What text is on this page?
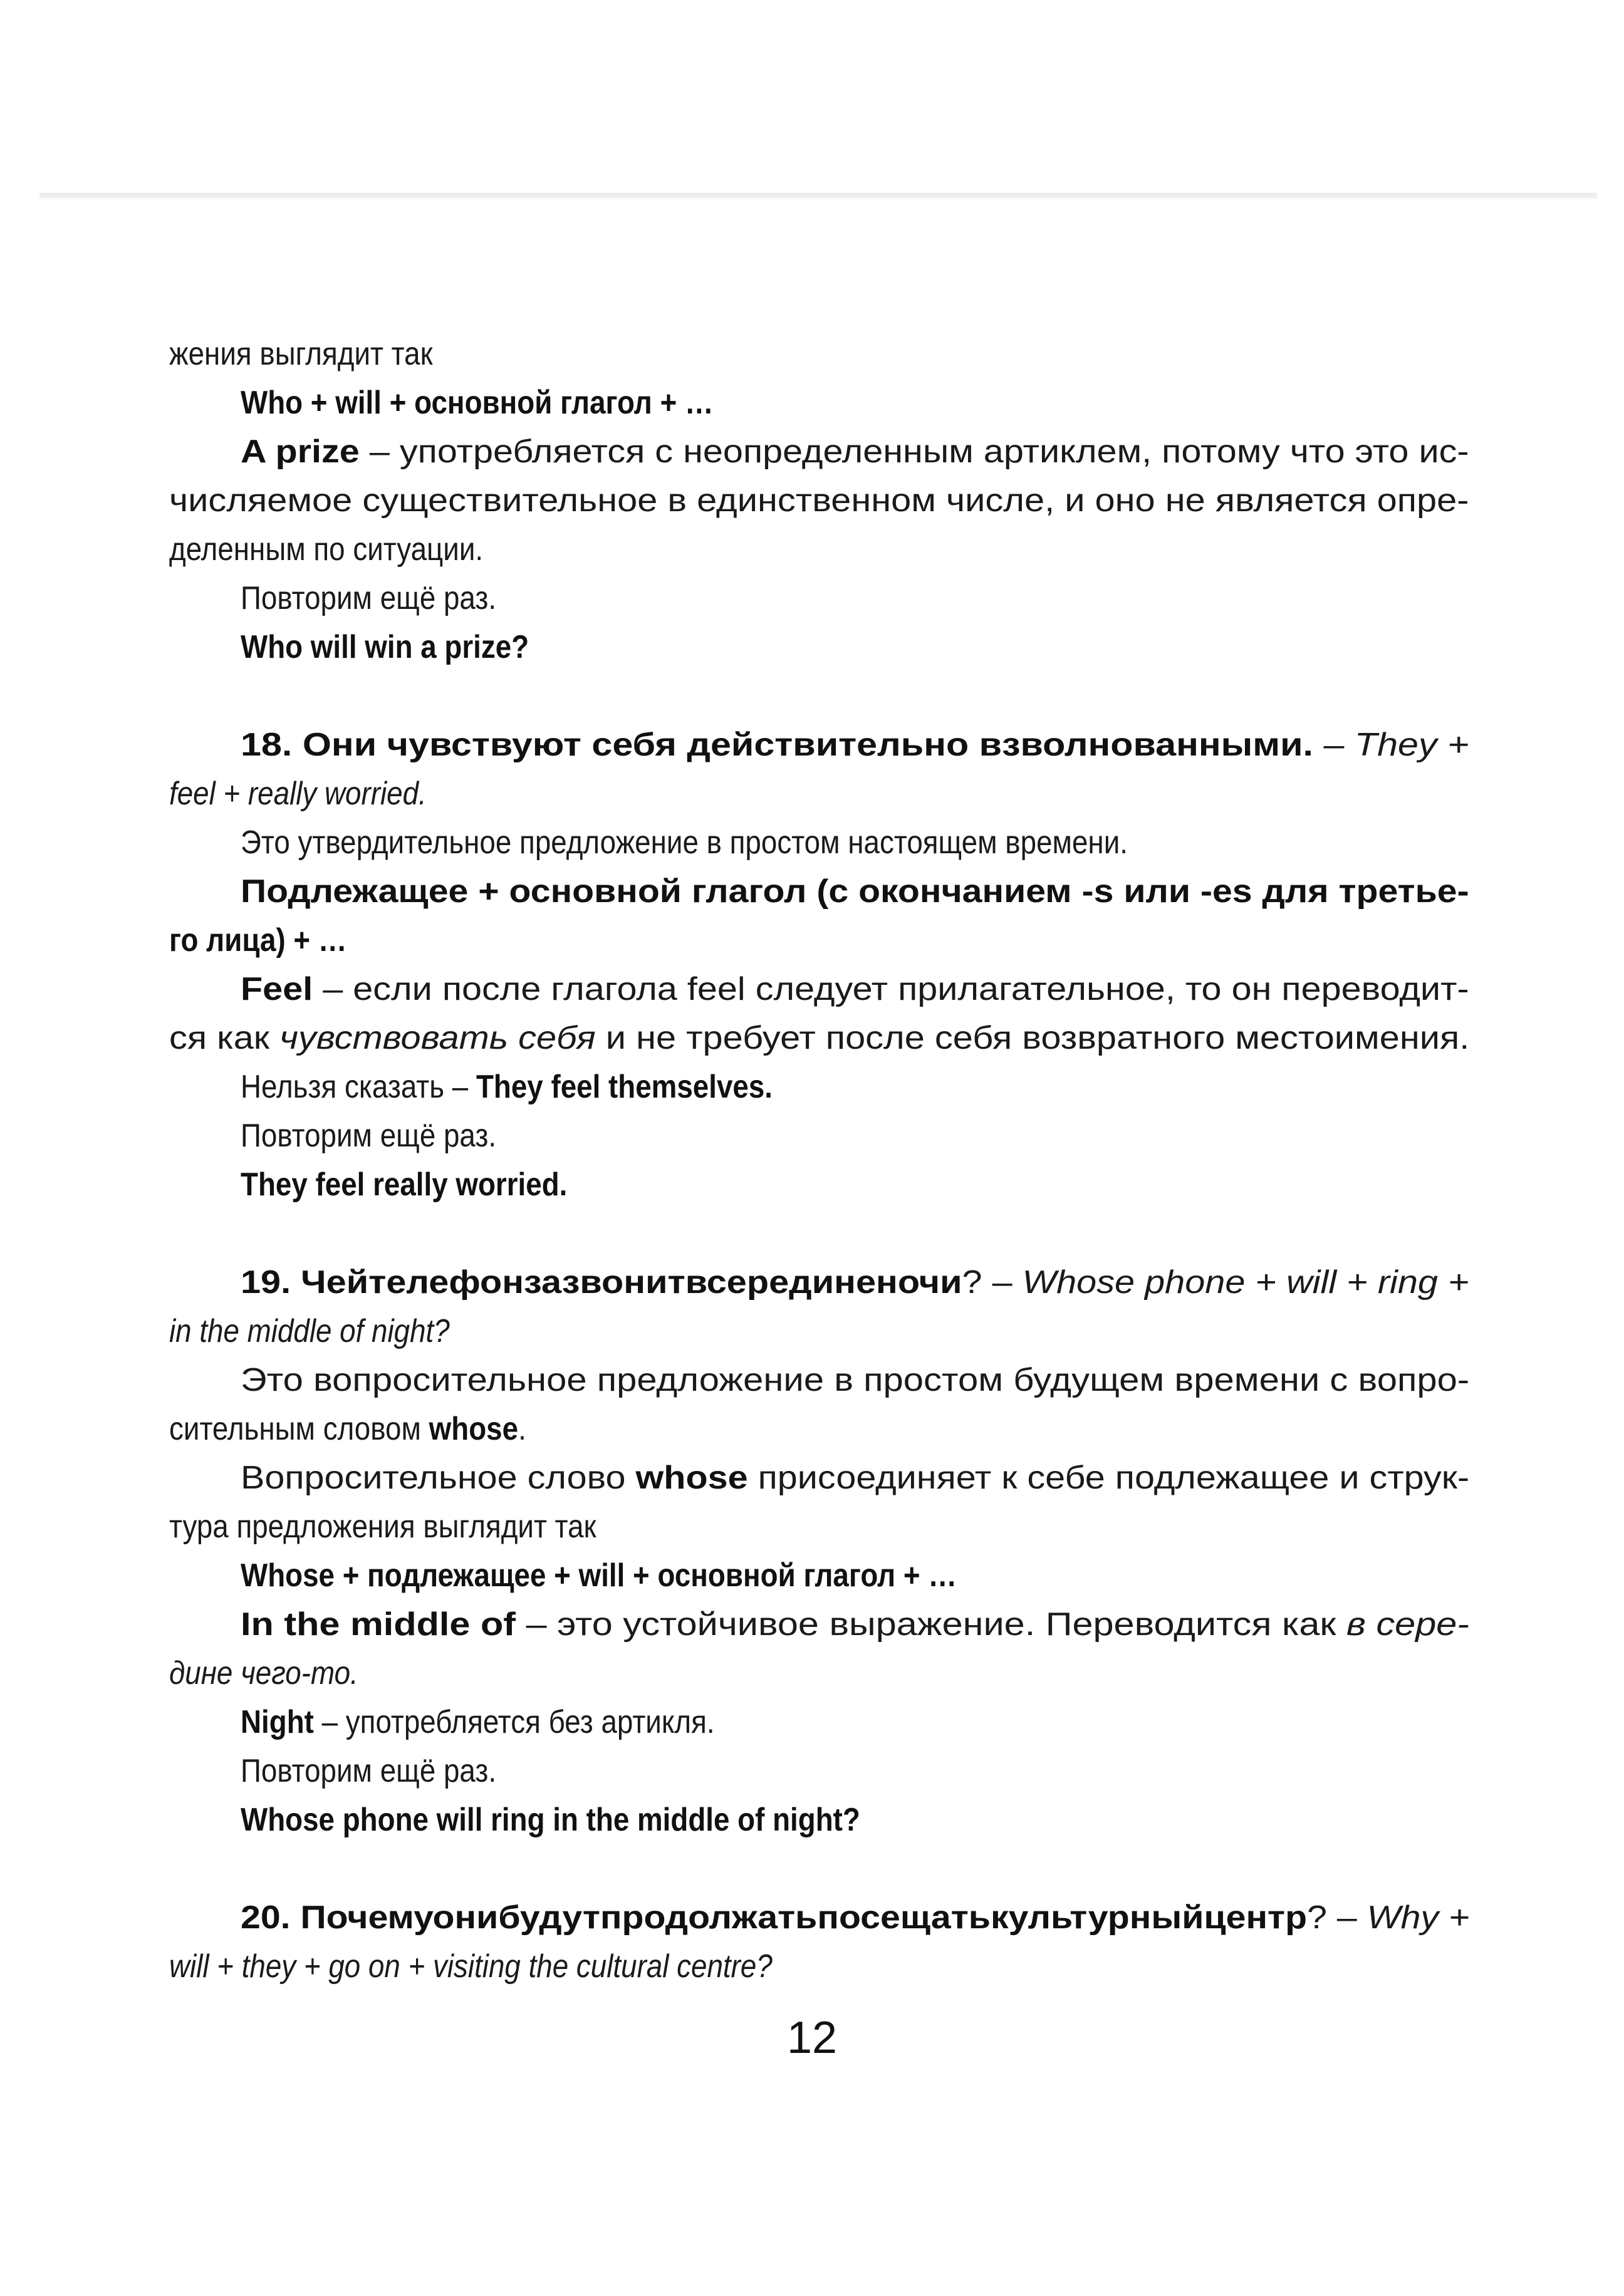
жения выглядит так
Who + will + основной глагол + …
A prize – употребляется с неопределенным артиклем, потому что это ис-
числяемое существительное в единственном числе, и оно не является опре-
деленным по ситуации.
Повторим ещё раз.
Who will win a prize?
18. Они чувствуют себя действительно взволнованными. – They +
feel + really worried.
Это утвердительное предложение в простом настоящем времени.
Подлежащее + основной глагол (с окончанием -s или -es для третье-
го лица) + …
Feel – если после глагола feel следует прилагательное, то он переводит-
ся как чувствовать себя и не требует после себя возвратного местоимения.
Нельзя сказать – They feel themselves.
Повторим ещё раз.
They feel really worried.
19. Чейтелефонзазвонитвсерединеночи? – Whose phone + will + ring +
in the middle of night?
Это вопросительное предложение в простом будущем времени с вопро-
сительным словом whose.
Вопросительное слово whose присоединяет к себе подлежащее и струк-
тура предложения выглядит так
Whose + подлежащее + will + основной глагол + …
In the middle of – это устойчивое выражение. Переводится как в сере-
дине чего-то.
Night – употребляется без артикля.
Повторим ещё раз.
Whose phone will ring in the middle of night?
20. Почемуонибудутпродолжатьпосещатькультурныйцентр? – Why +
will + they + go on + visiting the cultural centre?
12
